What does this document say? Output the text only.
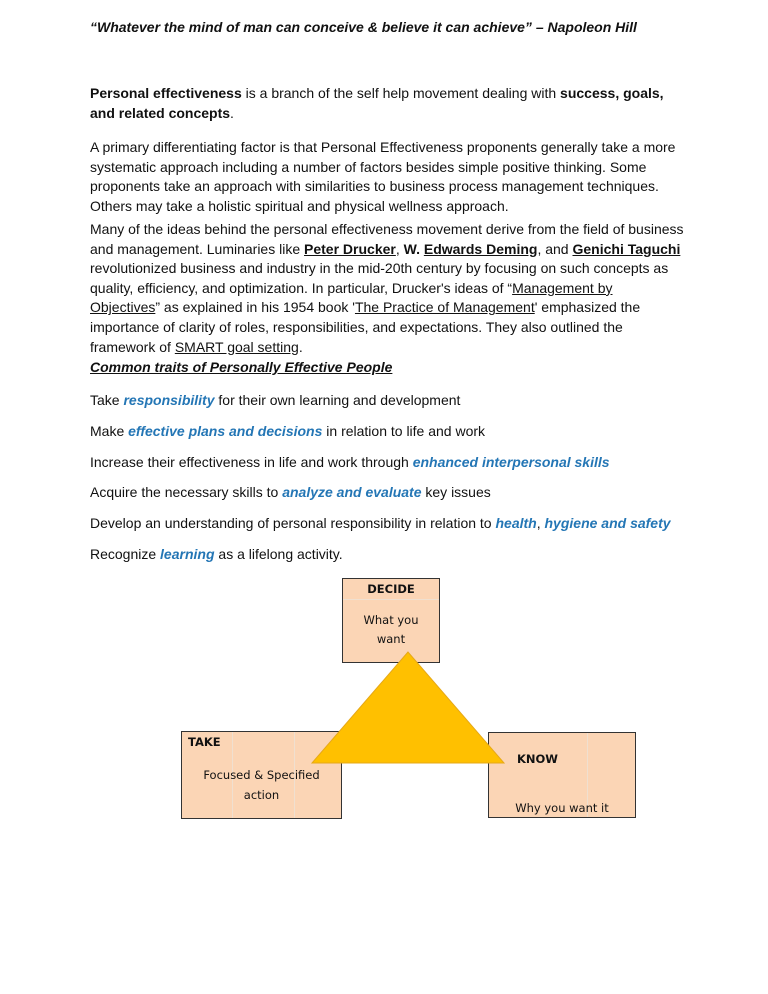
“Whatever the mind of man can conceive & believe it can achieve” – Napoleon Hill

Personal effectiveness is a branch of the self help movement dealing with success, goals, and related concepts.

A primary differentiating factor is that Personal Effectiveness proponents generally take a more systematic approach including a number of factors besides simple positive thinking. Some proponents take an approach with similarities to business process management techniques. Others may take a holistic spiritual and physical wellness approach.

Many of the ideas behind the personal effectiveness movement derive from the field of business and management. Luminaries like Peter Drucker, W. Edwards Deming, and Genichi Taguchi revolutionized business and industry in the mid-20th century by focusing on such concepts as quality, efficiency, and optimization. In particular, Drucker's ideas of “Management by Objectives” as explained in his 1954 book 'The Practice of Management' emphasized the importance of clarity of roles, responsibilities, and expectations. They also outlined the framework of SMART goal setting.

Common traits of Personally Effective People

Take responsibility for their own learning and development

Make effective plans and decisions in relation to life and work

Increase their effectiveness in life and work through enhanced interpersonal skills

Acquire the necessary skills to analyze and evaluate key issues

Develop an understanding of personal responsibility in relation to health, hygiene and safety

Recognize learning as a lifelong activity.

DECIDE
What you
want
TAKE
Focused & Specified
action
KNOW
Why you want it
